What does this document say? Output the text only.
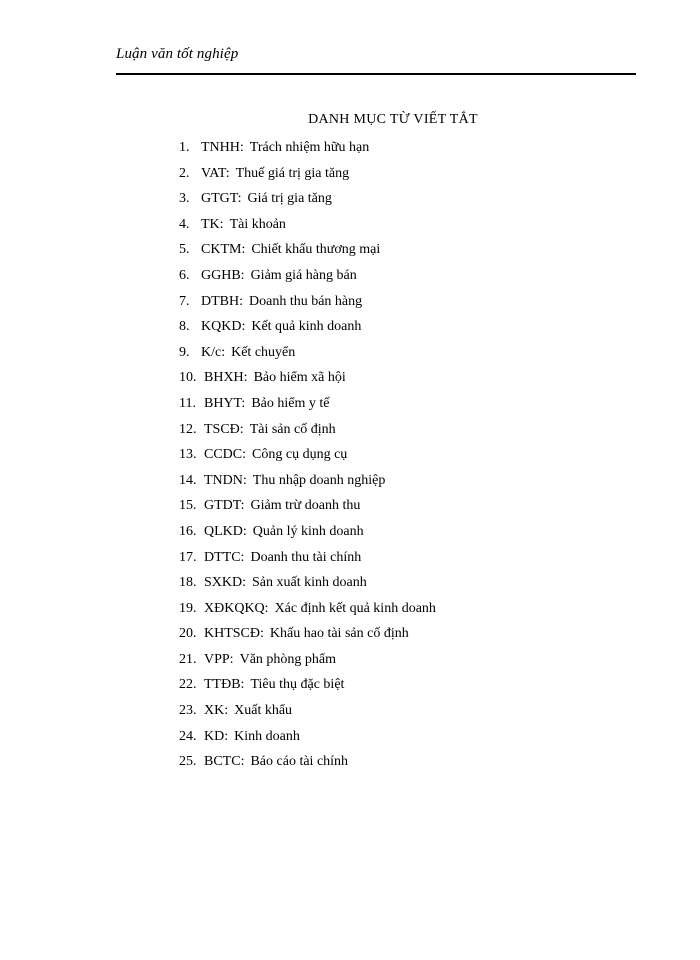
Luận văn tốt nghiệp
DANH MỤC TỪ VIẾT TẮT
1. TNHH: Trách nhiệm hữu hạn
2. VAT: Thuế giá trị gia tăng
3. GTGT: Giá trị gia tăng
4. TK: Tài khoản
5. CKTM: Chiết khấu thương mại
6. GGHB: Giảm giá hàng bán
7. DTBH: Doanh thu bán hàng
8. KQKD: Kết quả kinh doanh
9. K/c: Kết chuyển
10. BHXH: Bảo hiểm xã hội
11. BHYT: Bảo hiểm y tế
12. TSCĐ: Tài sản cố định
13. CCDC: Công cụ dụng cụ
14. TNDN: Thu nhập doanh nghiệp
15. GTDT: Giảm trừ doanh thu
16. QLKD: Quản lý kinh doanh
17. DTTC: Doanh thu tài chính
18. SXKD: Sản xuất kinh doanh
19. XĐKQKQ: Xác định kết quả kinh doanh
20. KHTSCĐ: Khấu hao tài sản cố định
21. VPP: Văn phòng phẩm
22. TTĐB: Tiêu thụ đặc biệt
23. XK: Xuất khẩu
24. KD: Kinh doanh
25. BCTC: Báo cáo tài chính
